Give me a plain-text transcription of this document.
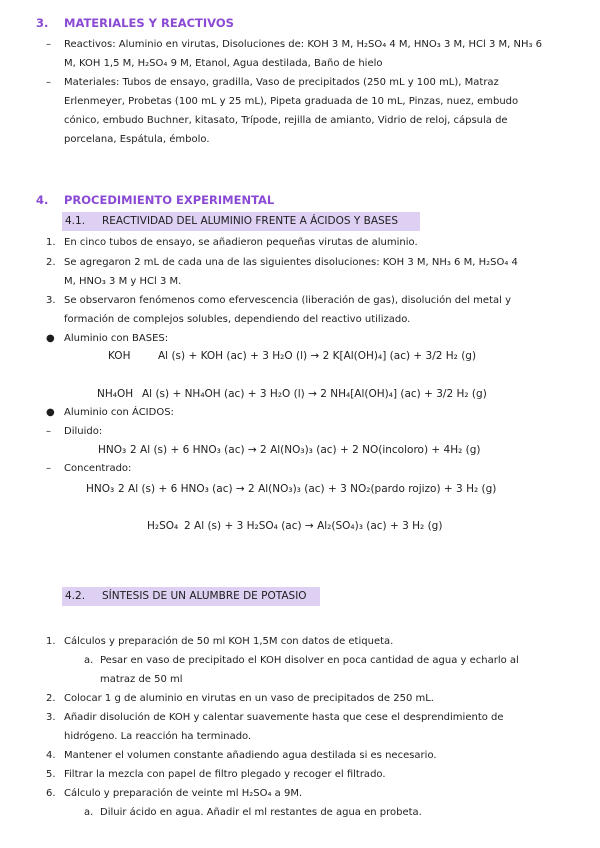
3. MATERIALES Y REACTIVOS
– Reactivos: Aluminio en virutas, Disoluciones de: KOH 3 M, H₂SO₄ 4 M, HNO₃ 3 M, HCl 3 M, NH₃ 6
M, KOH 1,5 M, H₂SO₄ 9 M, Etanol, Agua destilada, Baño de hielo
– Materiales: Tubos de ensayo, gradilla, Vaso de precipitados (250 mL y 100 mL), Matraz
Erlenmeyer, Probetas (100 mL y 25 mL), Pipeta graduada de 10 mL, Pinzas, nuez, embudo
cónico, embudo Buchner, kitasato, Trípode, rejilla de amianto, Vidrio de reloj, cápsula de
porcelana, Espátula, émbolo.
4. PROCEDIMIENTO EXPERIMENTAL
4.1. REACTIVIDAD DEL ALUMINIO FRENTE A ÁCIDOS Y BASES
1. En cinco tubos de ensayo, se añadieron pequeñas virutas de aluminio.
2. Se agregaron 2 mL de cada una de las siguientes disoluciones: KOH 3 M, NH₃ 6 M, H₂SO₄ 4
M, HNO₃ 3 M y HCl 3 M.
3. Se observaron fenómenos como efervescencia (liberación de gas), disolución del metal y
formación de complejos solubles, dependiendo del reactivo utilizado.
● Aluminio con BASES:
KOH	Al (s) + KOH (ac) + 3 H₂O (l) → 2 K[Al(OH)₄] (ac) + 3/2 H₂ (g)
NH₄OH Al (s) + NH₄OH (ac) + 3 H₂O (l) → 2 NH₄[Al(OH)₄] (ac) + 3/2 H₂ (g)
● Aluminio con ÁCIDOS:
– Diluido:
HNO₃ 2 Al (s) + 6 HNO₃ (ac) → 2 Al(NO₃)₃ (ac) + 2 NO(incoloro) + 4H₂ (g)
– Concentrado:
HNO₃ 2 Al (s) + 6 HNO₃ (ac) → 2 Al(NO₃)₃ (ac) + 3 NO₂(pardo rojizo) + 3 H₂ (g)
H₂SO₄ 2 Al (s) + 3 H₂SO₄ (ac) → Al₂(SO₄)₃ (ac) + 3 H₂ (g)
4.2. SÍNTESIS DE UN ALUMBRE DE POTASIO
1. Cálculos y preparación de 50 ml KOH 1,5M con datos de etiqueta.
a. Pesar en vaso de precipitado el KOH disolver en poca cantidad de agua y echarlo al
matraz de 50 ml
2. Colocar 1 g de aluminio en virutas en un vaso de precipitados de 250 mL.
3. Añadir disolución de KOH y calentar suavemente hasta que cese el desprendimiento de
hidrógeno. La reacción ha terminado.
4. Mantener el volumen constante añadiendo agua destilada si es necesario.
5. Filtrar la mezcla con papel de filtro plegado y recoger el filtrado.
6. Cálculo y preparación de veinte ml H₂SO₄ a 9M.
a. Diluir ácido en agua. Añadir el ml restantes de agua en probeta.
